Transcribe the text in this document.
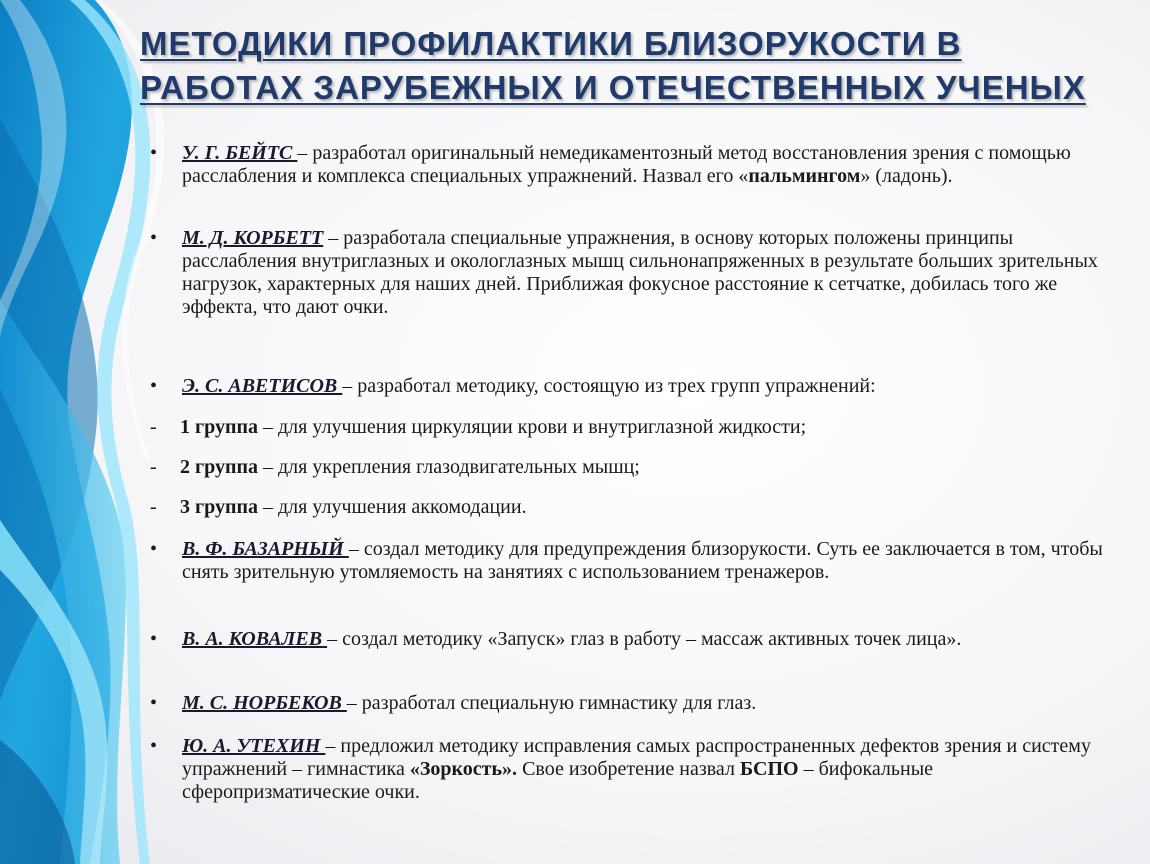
МЕТОДИКИ ПРОФИЛАКТИКИ БЛИЗОРУКОСТИ В
РАБОТАХ ЗАРУБЕЖНЫХ И ОТЕЧЕСТВЕННЫХ УЧЕНЫХ
•	У. Г. БЕЙТС – разработал оригинальный немедикаментозный метод восстановления зрения с помощью расслабления и комплекса специальных упражнений. Назвал его «пальмингом» (ладонь).
•	М. Д. КОРБЕТТ – разработала специальные упражнения, в основу которых положены принципы расслабления внутриглазных и окологлазных мышц сильнонапряженных в результате больших зрительных нагрузок, характерных для наших дней. Приближая фокусное расстояние к сетчатке, добилась того же эффекта, что дают очки.
•	Э. С. АВЕТИСОВ – разработал методику, состоящую из трех групп упражнений:
-	1 группа – для улучшения циркуляции крови и внутриглазной жидкости;
-	2 группа – для укрепления глазодвигательных мышц;
-	3 группа – для улучшения аккомодации.
•	В. Ф. БАЗАРНЫЙ – создал методику для предупреждения близорукости. Суть ее заключается в том, чтобы снять зрительную утомляемость на занятиях с использованием тренажеров.
•	В. А. КОВАЛЕВ – создал методику «Запуск» глаз в работу – массаж активных точек лица».
•	М. С. НОРБЕКОВ – разработал специальную гимнастику для глаз.
•	Ю. А. УТЕХИН – предложил методику исправления самых распространенных дефектов зрения и систему упражнений – гимнастика «Зоркость». Свое изобретение назвал БСПО – бифокальные сферопризматические очки.
